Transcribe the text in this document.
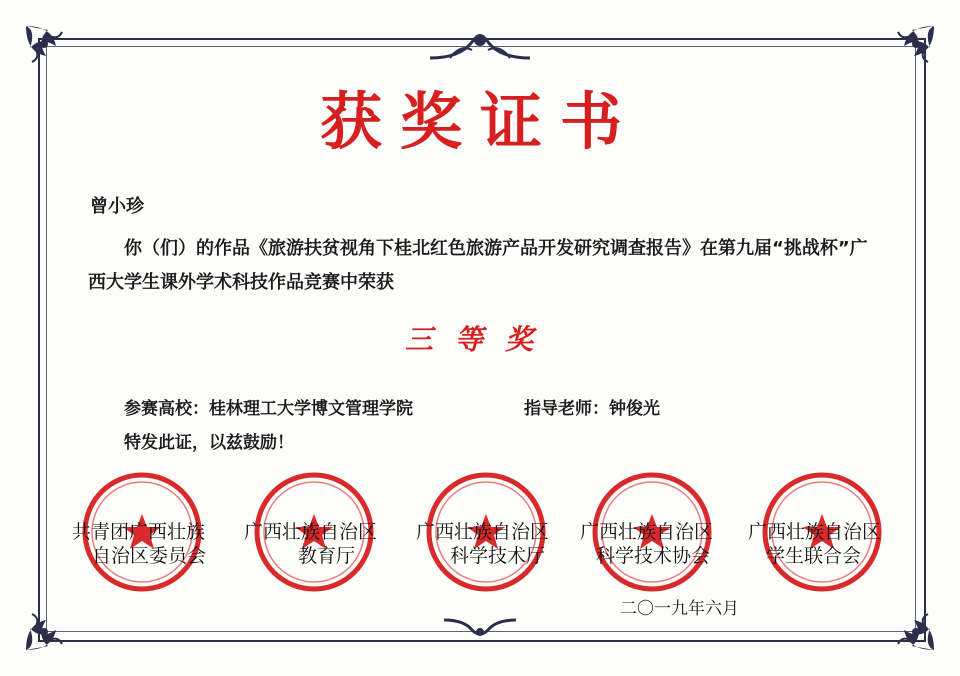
获奖证书
曾小珍
你（们）的作品《旅游扶贫视角下桂北红色旅游产品开发研究调查报告》在第九届“挑战杯”广西大学生课外学术科技作品竞赛中荣获
三等奖
参赛高校：桂林理工大学博文管理学院	指导老师：钟俊光
特发此证，以兹鼓励！
共青团广西壮族
自治区委员会
广西壮族自治区
教育厅
广西壮族自治区
科学技术厅
广西壮族自治区
科学技术协会
广西壮族自治区
学生联合会
二〇一九年六月
